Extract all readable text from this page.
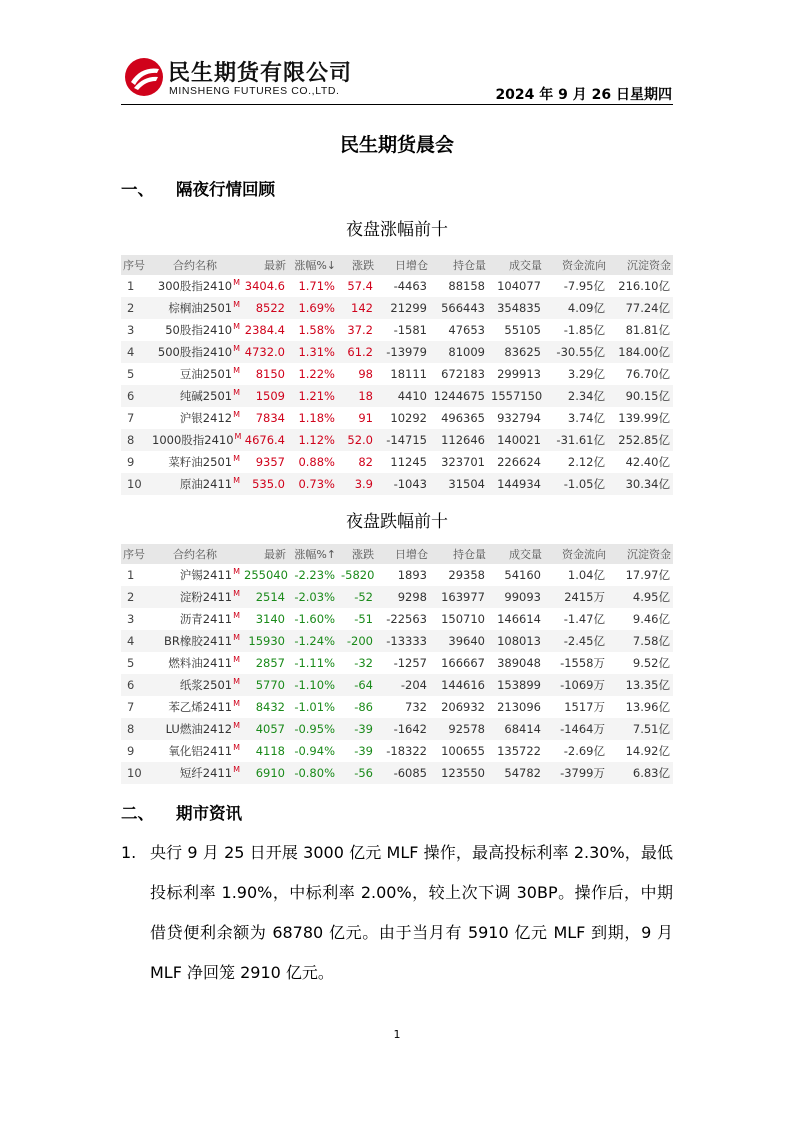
民生期货有限公司
MINSHENG FUTURES CO.,LTD.	2024 年 9 月 26 日星期四
民生期货晨会
一、 隔夜行情回顾
夜盘涨幅前十
序号	合约名称	最新	涨幅%↓	涨跌	日增仓	持仓量	成交量	资金流向	沉淀资金
1	300股指$2410^M$	3404.6	1.71%	57.4	-4463	88158	104077	-7.95亿	216.10亿
2	棕榈油$2501^M$	8522	1.69%	142	21299	566443	354835	4.09亿	77.24亿
3	50股指$2410^M$	2384.4	1.58%	37.2	-1581	47653	55105	-1.85亿	81.81亿
4	500股指$2410^M$	4732.0	1.31%	61.2	-13979	81009	83625	-30.55亿	184.00亿
5	豆油$2501^M$	8150	1.22%	98	18111	672183	299913	3.29亿	76.70亿
6	纯碱$2501^M$	1509	1.21%	18	4410	1244675	1557150	2.34亿	90.15亿
7	沪银$2412^M$	7834	1.18%	91	10292	496365	932794	3.74亿	139.99亿
8	1000股指$2410^M$	4676.4	1.12%	52.0	-14715	112646	140021	-31.61亿	252.85亿
9	菜籽油$2501^M$	9357	0.88%	82	11245	323701	226624	2.12亿	42.40亿
10	原油$2411^M$	535.0	0.73%	3.9	-1043	31504	144934	-1.05亿	30.34亿
夜盘跌幅前十
序号	合约名称	最新	涨幅%↑	涨跌	日增仓	持仓量	成交量	资金流向	沉淀资金
1	沪锡$2411^M$	255040	-2.23%	-5820	1893	29358	54160	1.04亿	17.97亿
2	淀粉$2411^M$	2514	-2.03%	-52	9298	163977	99093	2415万	4.95亿
3	沥青$2411^M$	3140	-1.60%	-51	-22563	150710	146614	-1.47亿	9.46亿
4	BR橡胶$2411^M$	15930	-1.24%	-200	-13333	39640	108013	-2.45亿	7.58亿
5	燃料油$2411^M$	2857	-1.11%	-32	-1257	166667	389048	-1558万	9.52亿
6	纸浆$2501^M$	5770	-1.10%	-64	-204	144616	153899	-1069万	13.35亿
7	苯乙烯$2411^M$	8432	-1.01%	-86	732	206932	213096	1517万	13.96亿
8	LU燃油$2412^M$	4057	-0.95%	-39	-1642	92578	68414	-1464万	7.51亿
9	氧化铝$2411^M$	4118	-0.94%	-39	-18322	100655	135722	-2.69亿	14.92亿
10	短纤$2411^M$	6910	-0.80%	-56	-6085	123550	54782	-3799万	6.83亿
二、 期市资讯
1. 央行 9 月 25 日开展 3000 亿元 MLF 操作，最高投标利率 2.30%，最低投标利率 1.90%，中标利率 2.00%，较上次下调 30BP。操作后，中期借贷便利余额为 68780 亿元。由于当月有 5910 亿元 MLF 到期，9 月 MLF 净回笼 2910 亿元。
1
